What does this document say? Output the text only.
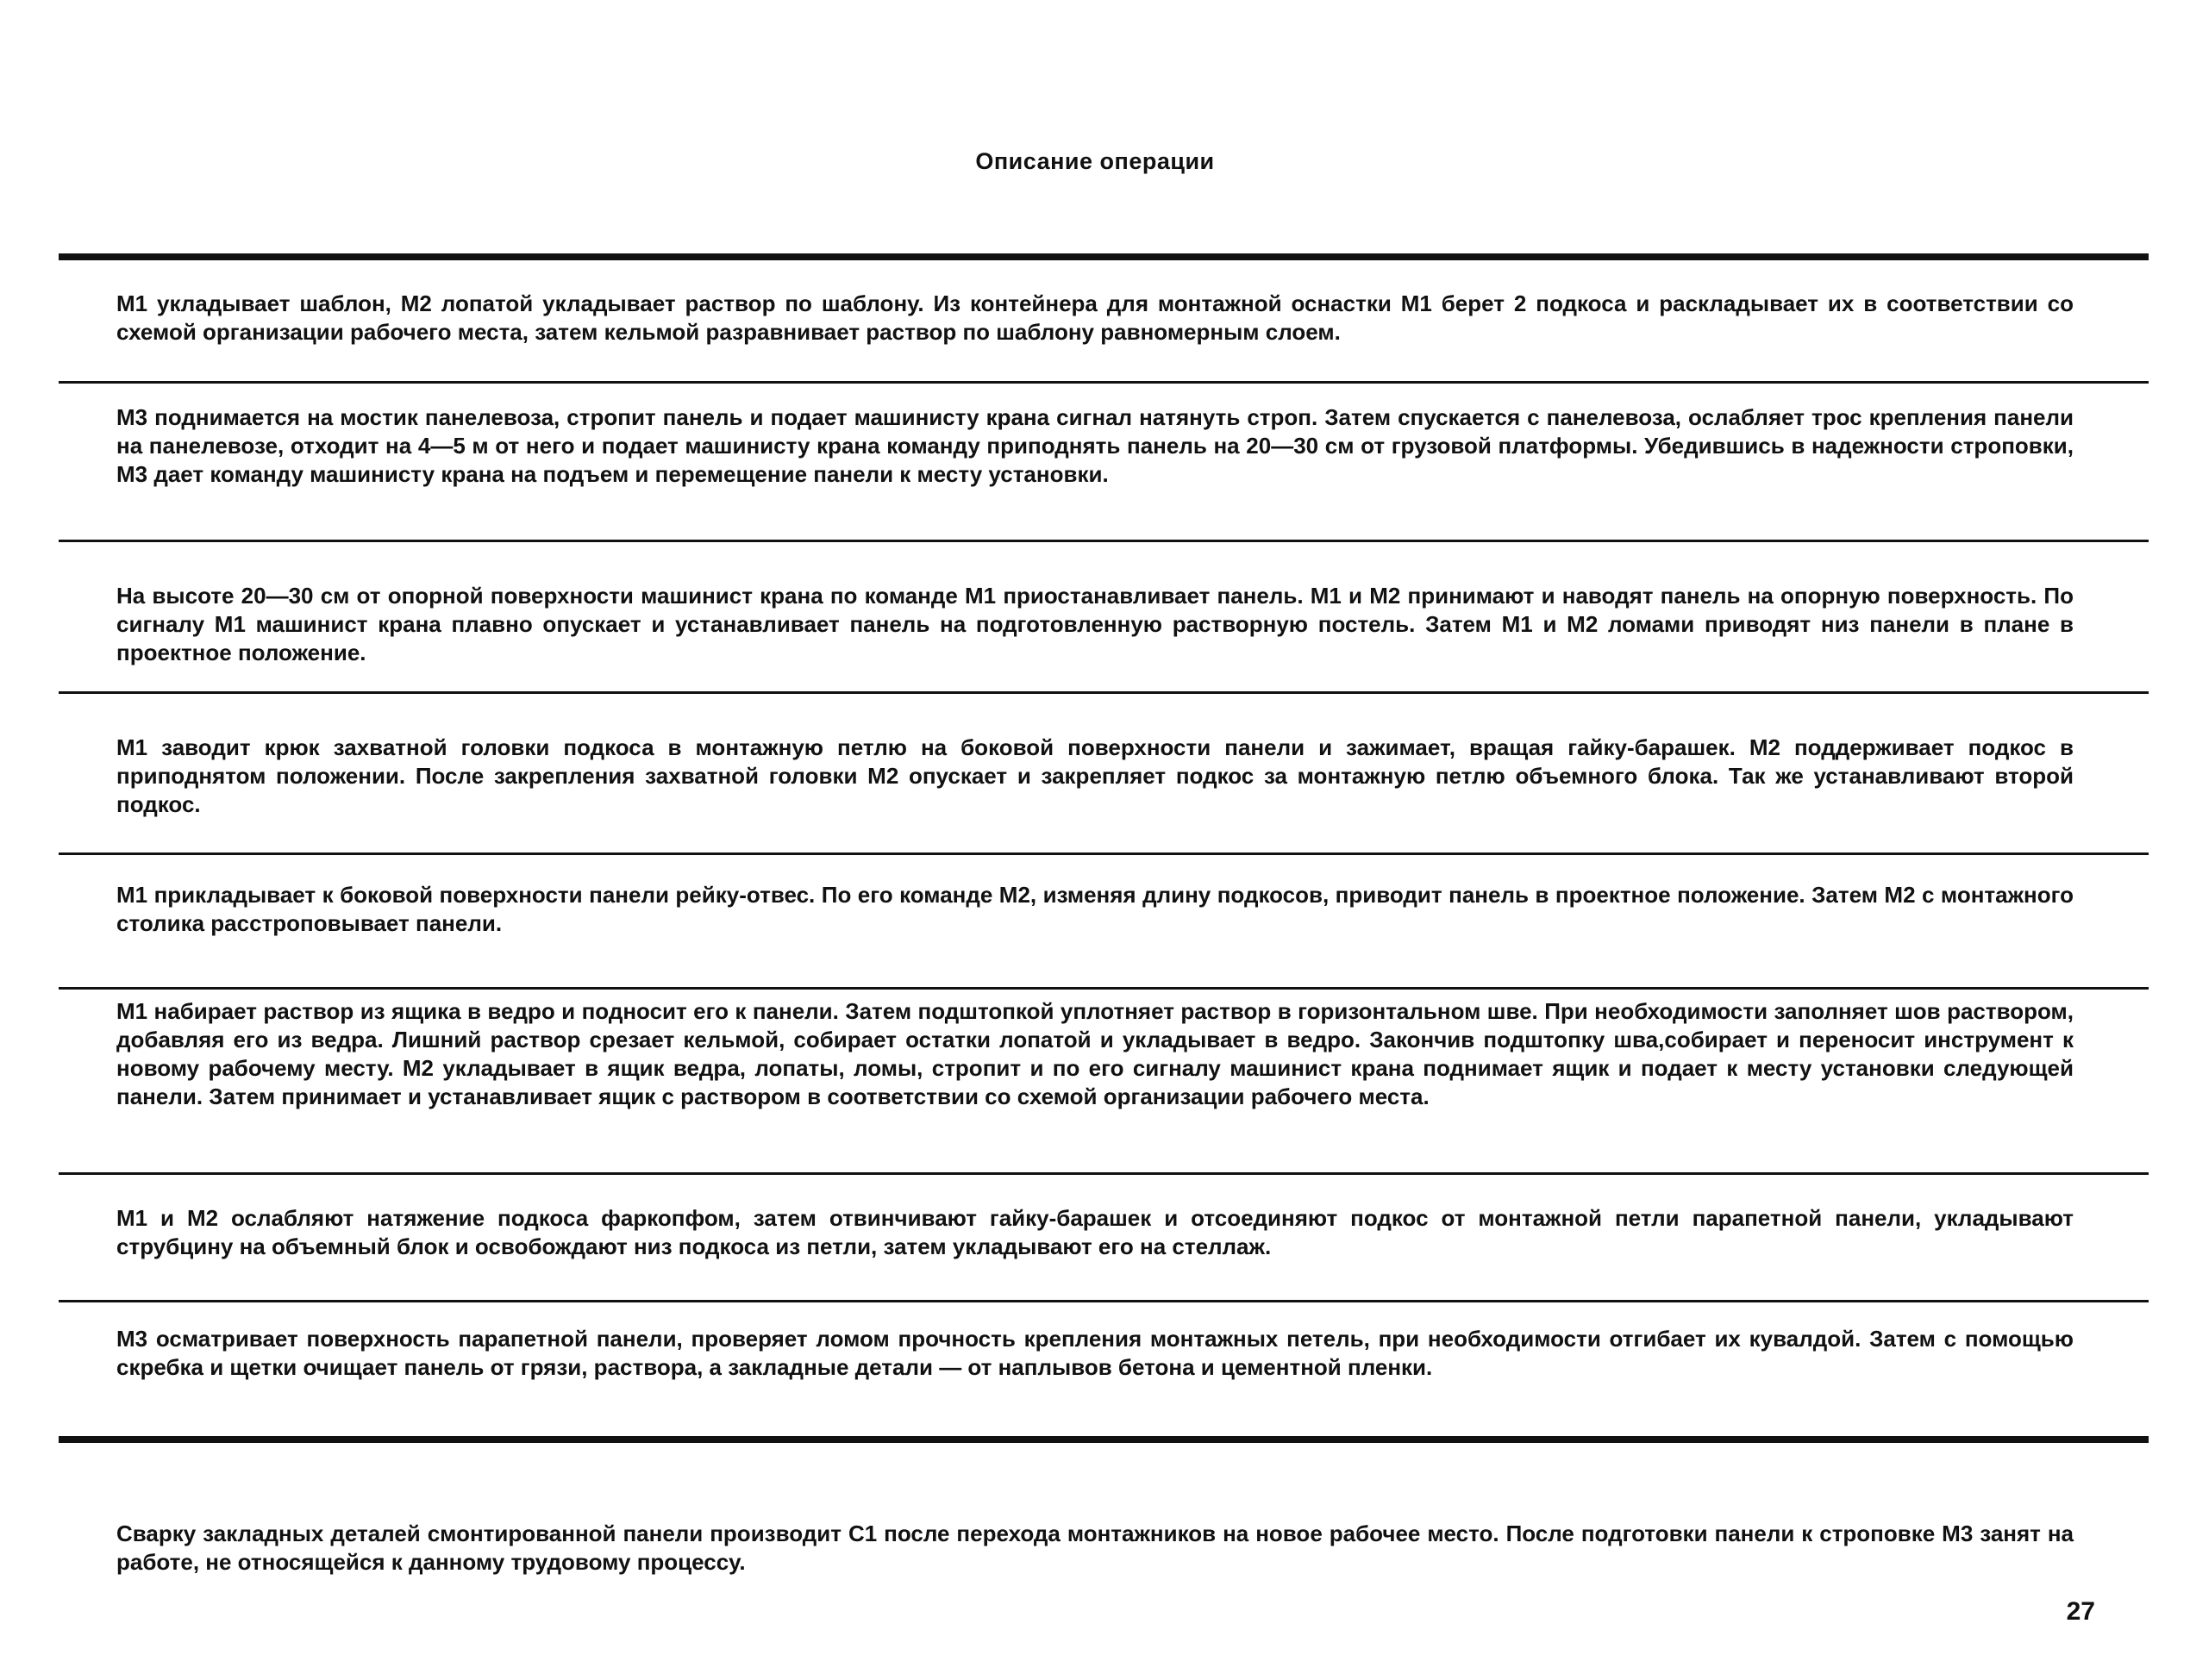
Описание операции

М1 укладывает шаблон, М2 лопатой укладывает раствор по шаблону. Из контейнера для монтажной оснастки М1 берет 2 подкоса и раскладывает их в соответствии со схемой организации рабочего места, затем кельмой разравнивает раствор по шаблону равномерным слоем.

М3 поднимается на мостик панелевоза, стропит панель и подает машинисту крана сигнал натянуть строп. Затем спускается с панелевоза, ослабляет трос крепления панели на панелевозе, отходит на 4—5 м от него и подает машинисту крана команду приподнять панель на 20—30 см от грузовой платформы. Убедившись в надежности строповки, М3 дает команду машинисту крана на подъем и перемещение панели к месту установки.

На высоте 20—30 см от опорной поверхности машинист крана по команде М1 приостанавливает панель. М1 и М2 принимают и наводят панель на опорную поверхность. По сигналу М1 машинист крана плавно опускает и устанавливает панель на подготовленную растворную постель. Затем М1 и М2 ломами приводят низ панели в плане в проектное положение.

М1 заводит крюк захватной головки подкоса в монтажную петлю на боковой поверхности панели и зажимает, вращая гайку-барашек. М2 поддерживает подкос в приподнятом положении. После закрепления захватной головки М2 опускает и закрепляет подкос за монтажную петлю объемного блока. Так же устанавливают второй подкос.

М1 прикладывает к боковой поверхности панели рейку-отвес. По его команде М2, изменяя длину подкосов, приводит панель в проектное положение. Затем М2 с монтажного столика расстроповывает панели.

М1 набирает раствор из ящика в ведро и подносит его к панели. Затем подштопкой уплотняет раствор в горизонтальном шве. При необходимости заполняет шов раствором, добавляя его из ведра. Лишний раствор срезает кельмой, собирает остатки лопатой и укладывает в ведро. Закончив подштопку шва,собирает и переносит инструмент к новому рабочему месту. М2 укладывает в ящик ведра, лопаты, ломы, стропит и по его сигналу машинист крана поднимает ящик и подает к месту установки следующей панели. Затем принимает и устанавливает ящик с раствором в соответствии со схемой организации рабочего места.

М1 и М2 ослабляют натяжение подкоса фаркопфом, затем отвинчивают гайку-барашек и отсоединяют подкос от монтажной петли парапетной панели, укладывают струбцину на объемный блок и освобождают низ подкоса из петли, затем укладывают его на стеллаж.

М3 осматривает поверхность парапетной панели, проверяет ломом прочность крепления монтажных петель, при необходимости отгибает их кувалдой. Затем с помощью скребка и щетки очищает панель от грязи, раствора, а закладные детали — от наплывов бетона и цементной пленки.

Сварку закладных деталей смонтированной панели производит С1 после перехода монтажников на новое рабочее место. После подготовки панели к строповке М3 занят на работе, не относящейся к данному трудовому процессу.

27
